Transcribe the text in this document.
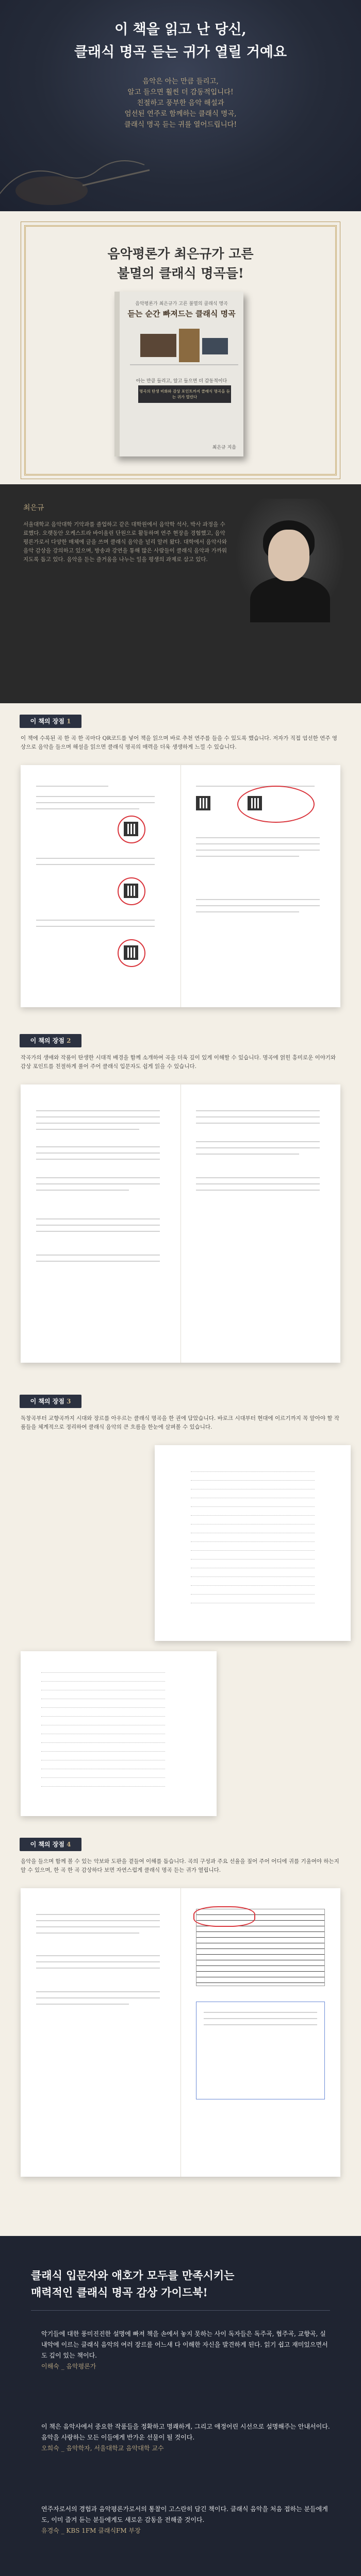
이 책을 읽고 난 당신,
클래식 명곡 듣는 귀가 열릴 거예요
음악은 아는 만큼 들리고,
알고 들으면 훨씬 더 감동적입니다!
친절하고 풍부한 음악 해설과
엄선된 연주로 함께하는 클래식 명곡,
클래식 명곡 듣는 귀를 열어드립니다!
음악평론가 최은규가 고른
불멸의 클래식 명곡들!
음악평론가 최은규가 고른 불멸의 클래식 명곡
듣는 순간 빠져드는 클래식 명곡
아는 만큼 들리고, 알고 들으면 더 감동적이다
명곡의 탄생 비화와 감상 포인트까지 클래식 명곡을 듣는 귀가 열린다
최은규 지음
최은규
서울대학교 음악대학 기악과를 졸업하고 같은 대학원에서 음악학 석사, 박사 과정을 수료했다. 오랫동안 오케스트라 바이올린 단원으로 활동하며 연주 현장을 경험했고, 음악평론가로서 다양한 매체에 글을 쓰며 클래식 음악을 널리 알려 왔다. 대학에서 음악사와 음악 감상을 강의하고 있으며, 방송과 강연을 통해 많은 사람들이 클래식 음악과 가까워지도록 돕고 있다. 음악을 듣는 즐거움을 나누는 일을 평생의 과제로 삼고 있다.
이 책의 장점 1
이 책에 수록된 곡 한 곡 한 곡마다 QR코드를 넣어 책을 읽으며 바로 추천 연주를 들을 수 있도록 했습니다. 저자가 직접 엄선한 연주 영상으로 음악을 들으며 해설을 읽으면 클래식 명곡의 매력을 더욱 생생하게 느낄 수 있습니다.
이 책의 장점 2
작곡가의 생애와 작품이 탄생한 시대적 배경을 함께 소개하여 곡을 더욱 깊이 있게 이해할 수 있습니다. 명곡에 얽힌 흥미로운 이야기와 감상 포인트를 친절하게 풀어 주어 클래식 입문자도 쉽게 읽을 수 있습니다.
이 책의 장점 3
독창곡부터 교향곡까지 시대와 장르를 아우르는 클래식 명곡을 한 권에 담았습니다. 바로크 시대부터 현대에 이르기까지 꼭 알아야 할 작품들을 체계적으로 정리하여 클래식 음악의 큰 흐름을 한눈에 살펴볼 수 있습니다.
이 책의 장점 4
음악을 들으며 함께 볼 수 있는 악보와 도판을 곁들여 이해를 돕습니다. 곡의 구성과 주요 선율을 짚어 주어 어디에 귀를 기울여야 하는지 알 수 있으며, 한 곡 한 곡 감상하다 보면 자연스럽게 클래식 명곡 듣는 귀가 열립니다.
클래식 입문자와 애호가 모두를 만족시키는
매력적인 클래식 명곡 감상 가이드북!
악기들에 대한 풍미진진한 설명에 빠져 책을 손에서 놓지 못하는 사이 독자들은 독주곡, 협주곡, 교향곡, 실내악에 이르는 클래식 음악의 여러 장르를 어느새 다 이해한 자신을 발견하게 된다. 읽기 쉽고 재미있으면서도 깊이 있는 책이다.
이해숙 _ 음악평론가
이 책은 음악사에서 중요한 작품들을 정확하고 명쾌하게, 그리고 애정어린 시선으로 설명해주는 안내서이다. 음악을 사랑하는 모든 이들에게 반가운 선물이 될 것이다.
오희숙 _ 음악학자, 서울대학교 음악대학 교수
연주자로서의 경험과 음악평론가로서의 통찰이 고스란히 담긴 책이다. 클래식 음악을 처음 접하는 분들에게도, 이미 즐겨 듣는 분들에게도 새로운 감동을 전해줄 것이다.
유경숙 _ KBS 1FM 클래식FM 부장
